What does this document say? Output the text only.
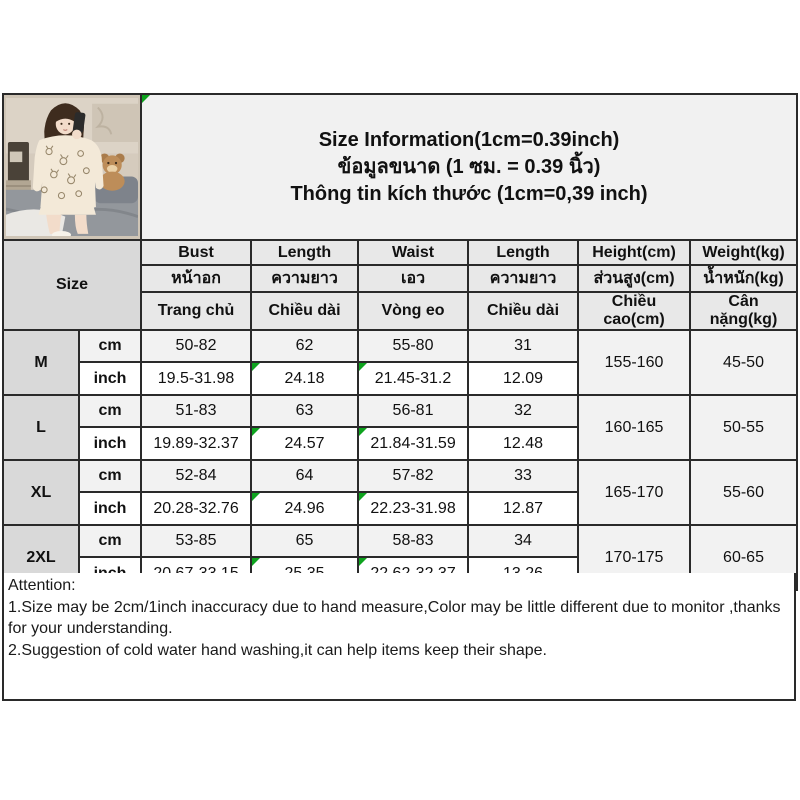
Size Information(1cm=0.39inch)

ข้อมูลขนาด (1 ซม. = 0.39 นิ้ว)

Thông tin kích thước (1cm=0,39 inch)					

Size		Bust	Length	Waist	Length	Height(cm)	Weight(kg)
		หน้าอก	ความยาว	เอว	ความยาว	ส่วนสูง(cm)	น้ำหนัก(kg)
		Trang chủ	Chiều dài	Vòng eo	Chiều dài	Chiều cao(cm)	Cân nặng(kg)
M	cm	50-82	62	55-80	31	155-160	45-50
	inch	19.5-31.98	24.18	21.45-31.2	12.09		
L	cm	51-83	63	56-81	32	160-165	50-55
	inch	19.89-32.37	24.57	21.84-31.59	12.48		
XL	cm	52-84	64	57-82	33	165-170	55-60
	inch	20.28-32.76	24.96	22.23-31.98	12.87		
2XL	cm	53-85	65	58-83	34	170-175	60-65

Attention:

1.Size may be 2cm/1inch inaccuracy due to hand measure,Color may be little different due to monitor ,thanks for your understanding.

2.Suggestion of cold water hand washing,it can help items keep their shape.
